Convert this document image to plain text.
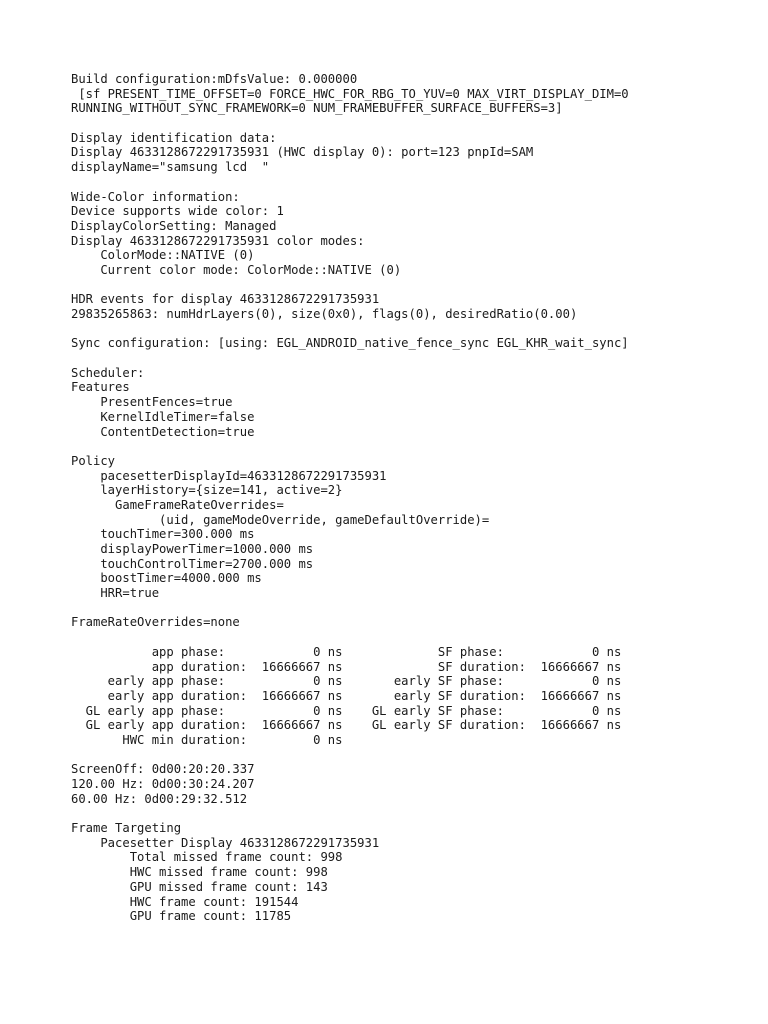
Build configuration:mDfsValue: 0.000000
[sf PRESENT_TIME_OFFSET=0 FORCE_HWC_FOR_RBG_TO_YUV=0 MAX_VIRT_DISPLAY_DIM=0
RUNNING_WITHOUT_SYNC_FRAMEWORK=0 NUM_FRAMEBUFFER_SURFACE_BUFFERS=3]
Display identification data:
Display 4633128672291735931 (HWC display 0): port=123 pnpId=SAM
displayName="samsung lcd  "
Wide-Color information:
Device supports wide color: 1
DisplayColorSetting: Managed
Display 4633128672291735931 color modes:
ColorMode::NATIVE (0)
Current color mode: ColorMode::NATIVE (0)
HDR events for display 4633128672291735931
29835265863: numHdrLayers(0), size(0x0), flags(0), desiredRatio(0.00)
Sync configuration: [using: EGL_ANDROID_native_fence_sync EGL_KHR_wait_sync]
Scheduler:
Features
PresentFences=true
KernelIdleTimer=false
ContentDetection=true
Policy
pacesetterDisplayId=4633128672291735931
layerHistory={size=141, active=2}
GameFrameRateOverrides=
(uid, gameModeOverride, gameDefaultOverride)=
touchTimer=300.000 ms
displayPowerTimer=1000.000 ms
touchControlTimer=2700.000 ms
boostTimer=4000.000 ms
HRR=true
FrameRateOverrides=none
app phase:            0 ns             SF phase:            0 ns
app duration:  16666667 ns             SF duration:  16666667 ns
early app phase:            0 ns       early SF phase:            0 ns
early app duration:  16666667 ns       early SF duration:  16666667 ns
GL early app phase:            0 ns    GL early SF phase:            0 ns
GL early app duration:  16666667 ns    GL early SF duration:  16666667 ns
HWC min duration:         0 ns
ScreenOff: 0d00:20:20.337
120.00 Hz: 0d00:30:24.207
60.00 Hz: 0d00:29:32.512
Frame Targeting
Pacesetter Display 4633128672291735931
Total missed frame count: 998
HWC missed frame count: 998
GPU missed frame count: 143
HWC frame count: 191544
GPU frame count: 11785
